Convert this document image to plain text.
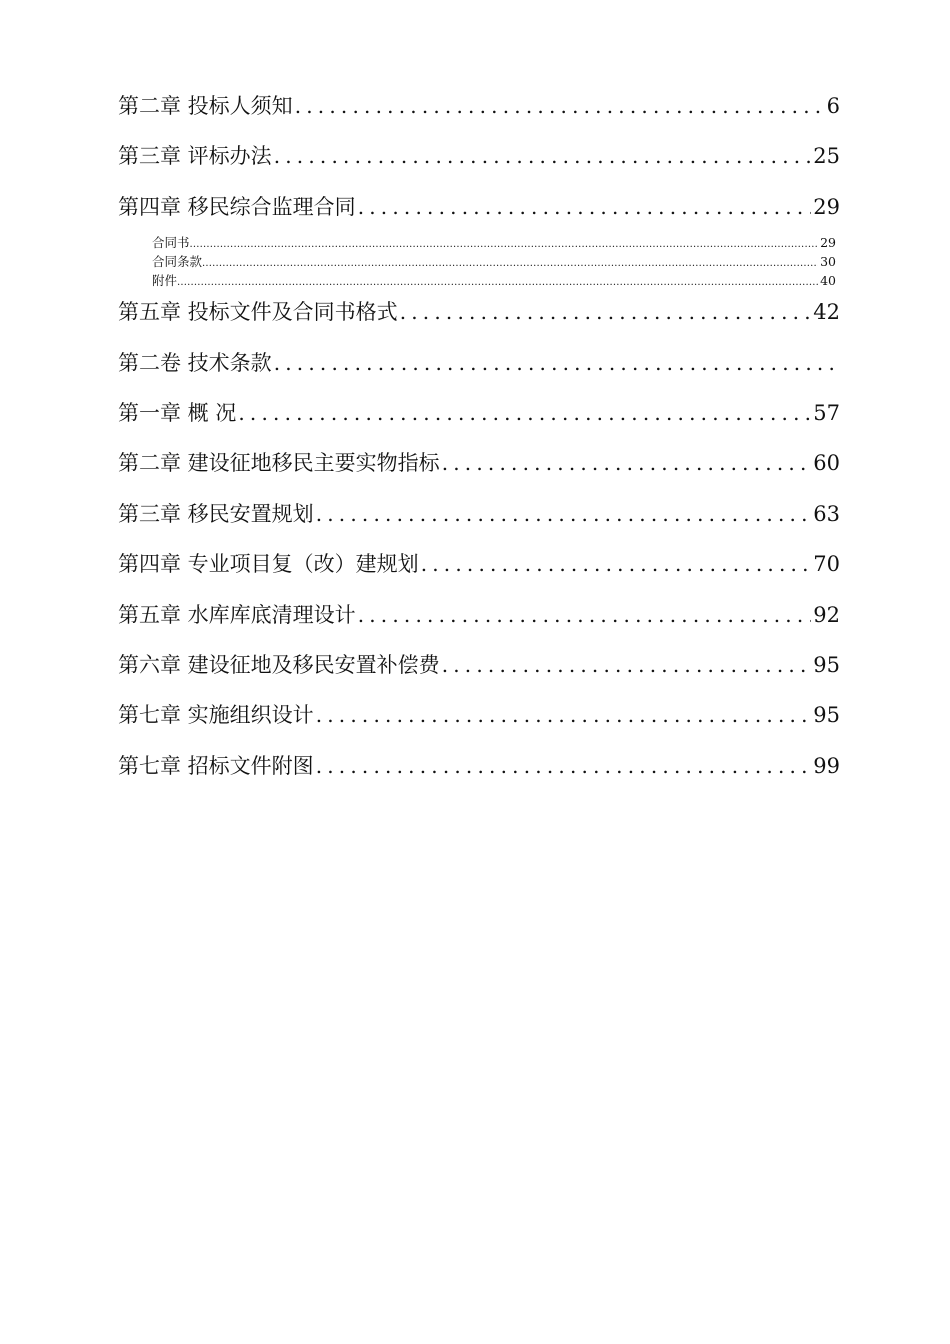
第二章 投标人须知 .....	6
第三章 评标办法 .....	25
第四章 移民综合监理合同 .....	29
合同书 .....	29
合同条款 .....	30
附件 .....	40
第五章 投标文件及合同书格式 .....	42
第二卷 技术条款
.....
第一章 概 况 .....	57
第二章 建设征地移民主要实物指标 .....	60
第三章 移民安置规划 .....	63
第四章 专业项目复（改）建规划 .....	70
第五章 水库库底清理设计 .....	92
第六章 建设征地及移民安置补偿费 .....	95
第七章 实施组织设计 .....	95
第七章 招标文件附图 .....	99
